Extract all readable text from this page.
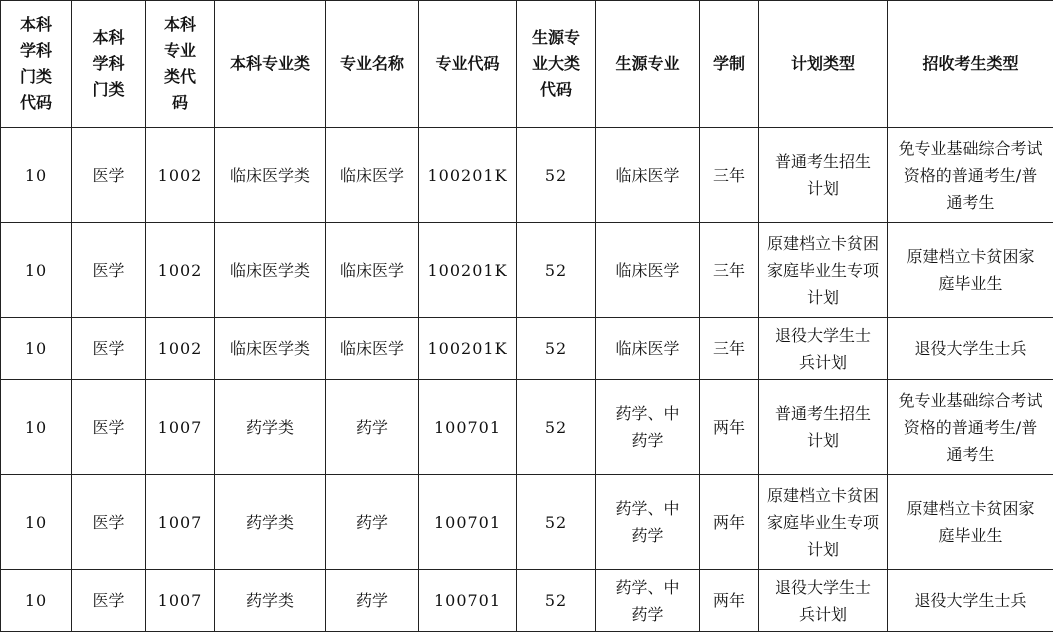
本科学科门类代码	本科学科门类	本科专业类代码	本科专业类	专业名称	专业代码	生源专业大类代码	生源专业	学制	计划类型	招收考生类型
10	医学	1002	临床医学类	临床医学	100201K	52	临床医学	三年	普通考生招生计划	免专业基础综合考试资格的普通考生/普通考生
10	医学	1002	临床医学类	临床医学	100201K	52	临床医学	三年	原建档立卡贫困家庭毕业生专项计划	原建档立卡贫困家庭毕业生
10	医学	1002	临床医学类	临床医学	100201K	52	临床医学	三年	退役大学生士兵计划	退役大学生士兵
10	医学	1007	药学类	药学	100701	52	药学、中药学	两年	普通考生招生计划	免专业基础综合考试资格的普通考生/普通考生
10	医学	1007	药学类	药学	100701	52	药学、中药学	两年	原建档立卡贫困家庭毕业生专项计划	原建档立卡贫困家庭毕业生
10	医学	1007	药学类	药学	100701	52	药学、中药学	两年	退役大学生士兵计划	退役大学生士兵
